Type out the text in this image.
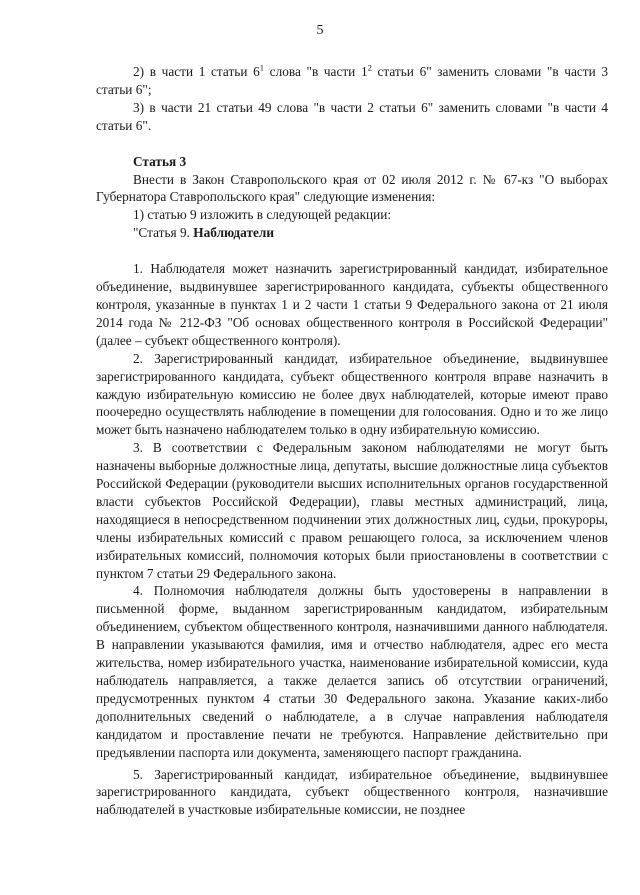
5

2) в части 1 статьи $6^1$ слова "в части $1^2$ статьи 6" заменить словами "в части 3 статьи 6";

3) в части 21 статьи 49 слова "в части 2 статьи 6" заменить словами "в части 4 статьи 6".

Статья 3

Внести в Закон Ставропольского края от 02 июля 2012 г. № 67-кз "О выборах Губернатора Ставропольского края" следующие изменения:

1) статью 9 изложить в следующей редакции:

"Статья 9. Наблюдатели

1. Наблюдателя может назначить зарегистрированный кандидат, избирательное объединение, выдвинувшее зарегистрированного кандидата, субъекты общественного контроля, указанные в пунктах 1 и 2 части 1 статьи 9 Федерального закона от 21 июля 2014 года № 212-ФЗ "Об основах общественного контроля в Российской Федерации" (далее – субъект общественного контроля).

2. Зарегистрированный кандидат, избирательное объединение, выдвинувшее зарегистрированного кандидата, субъект общественного контроля вправе назначить в каждую избирательную комиссию не более двух наблюдателей, которые имеют право поочередно осуществлять наблюдение в помещении для голосования. Одно и то же лицо может быть назначено наблюдателем только в одну избирательную комиссию.

3. В соответствии с Федеральным законом наблюдателями не могут быть назначены выборные должностные лица, депутаты, высшие должностные лица субъектов Российской Федерации (руководители высших исполнительных органов государственной власти субъектов Российской Федерации), главы местных администраций, лица, находящиеся в непосредственном подчинении этих должностных лиц, судьи, прокуроры, члены избирательных комиссий с правом решающего голоса, за исключением членов избирательных комиссий, полномочия которых были приостановлены в соответствии с пунктом 7 статьи 29 Федерального закона.

4. Полномочия наблюдателя должны быть удостоверены в направлении в письменной форме, выданном зарегистрированным кандидатом, избирательным объединением, субъектом общественного контроля, назначившими данного наблюдателя. В направлении указываются фамилия, имя и отчество наблюдателя, адрес его места жительства, номер избирательного участка, наименование избирательной комиссии, куда наблюдатель направляется, а также делается запись об отсутствии ограничений, предусмотренных пунктом 4 статьи 30 Федерального закона. Указание каких-либо дополнительных сведений о наблюдателе, а в случае направления наблюдателя кандидатом и проставление печати не требуются. Направление действительно при предъявлении паспорта или документа, заменяющего паспорт гражданина.

5. Зарегистрированный кандидат, избирательное объединение, выдвинувшее зарегистрированного кандидата, субъект общественного контроля, назначившие наблюдателей в участковые избирательные комиссии, не позднее
